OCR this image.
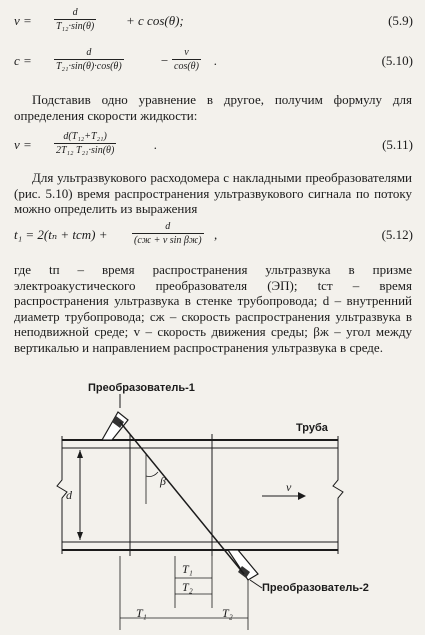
$v = \frac{d}{\text{T₁₂·sin(θ)}} + c$ cos(θ);	(5.9)
$c = \frac{d}{\text{T₂₁·sin(θ)·cos(θ)}}$	− $\frac{v}{\cos(\theta)}$ .	(5.10)
Подставив одно уравнение в другое, получим формулу для определения скорости жидкости:
$v = \frac{\text{d(T₁₂+T₂₁)}}{\text{2T₁₂ T₂₁·sin(θ)}}$	.	(5.11)
Для ультразвукового расходомера с накладными преобразователями (рис. 5.10) время распространения ультразвукового сигнала по потоку можно определить из выражения
t₁ = 2(tₙ + tст) +
d
(cж + v sin βж) ,	(5.12)
где tп – время распространения ультразвука в призме электроакустического преобразователя (ЭП); tст – время распространения ультразвука в стенке трубопровода; d – внутренний диаметр трубопровода; cж – скорость распространения ультразвука в неподвижной среде; v – скорость движения среды; βж – угол между вертикалью и направлением распространения ультразвука в среде.
Преобразователь-1
Преобразователь-2
Труба
d
v
β
T₁
T₂
T₁	T₂
